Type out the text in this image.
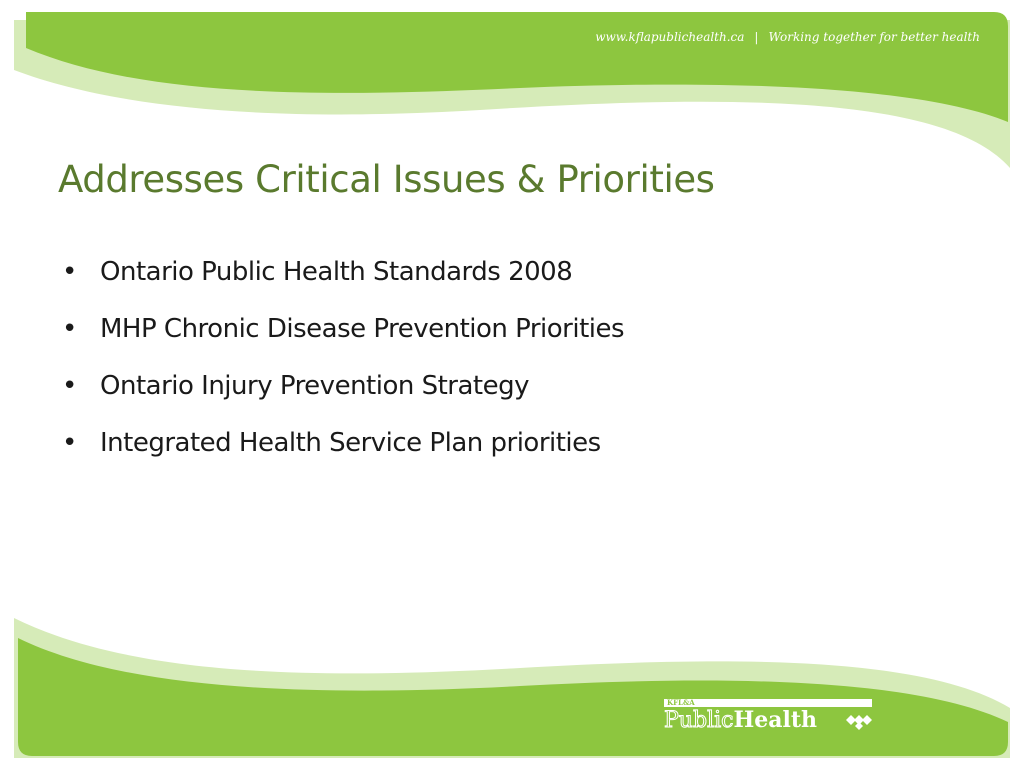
www.kflapublichealth.ca | Working together for better health
Addresses Critical Issues & Priorities
• Ontario Public Health Standards 2008
• MHP Chronic Disease Prevention Priorities
• Ontario Injury Prevention Strategy
• Integrated Health Service Plan priorities
KFL&A
PublicHealth
